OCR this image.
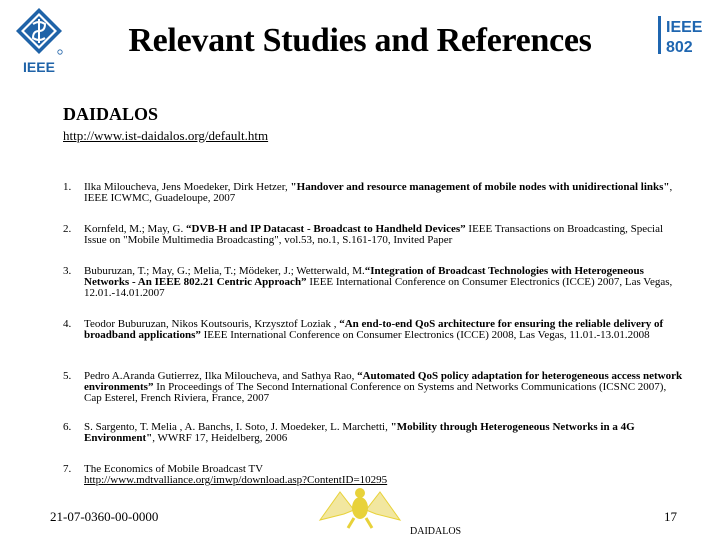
IEEE
Relevant Studies and References	IEEE
802
DAIDALOS
http://www.ist-daidalos.org/default.htm
1. Ilka Miloucheva, Jens Moedeker, Dirk Hetzer, "Handover and resource management of mobile nodes with unidirectional links", IEEE ICWMC, Guadeloupe, 2007
2. Kornfeld, M.; May, G. “DVB-H and IP Datacast - Broadcast to Handheld Devices” IEEE Transactions on Broadcasting, Special Issue on "Mobile Multimedia Broadcasting", vol.53, no.1, S.161-170, Invited Paper
3. Buburuzan, T.; May, G.; Melia, T.; Mödeker, J.; Wetterwald, M.“Integration of Broadcast Technologies with Heterogeneous Networks - An IEEE 802.21 Centric Approach” IEEE International Conference on Consumer Electronics (ICCE) 2007, Las Vegas, 12.01.-14.01.2007
4. Teodor Buburuzan, Nikos Koutsouris, Krzysztof Loziak , “An end-to-end QoS architecture for ensuring the reliable delivery of broadband applications” IEEE International Conference on Consumer Electronics (ICCE) 2008, Las Vegas, 11.01.-13.01.2008
5. Pedro A.Aranda Gutierrez, Ilka Miloucheva, and Sathya Rao, “Automated QoS policy adaptation for heterogeneous access network environments” In Proceedings of The Second International Conference on Systems and Networks Communications (ICSNC 2007), Cap Esterel, French Riviera, France, 2007
6. S. Sargento, T. Melia , A. Banchs, I. Soto, J. Moedeker, L. Marchetti, "Mobility through Heterogeneous Networks in a 4G Environment", WWRF 17, Heidelberg, 2006
7. The Economics of Mobile Broadcast TV
http://www.mdtvalliance.org/imwp/download.asp?ContentID=10295
21-07-0360-00-0000
DAIDALOS
17
